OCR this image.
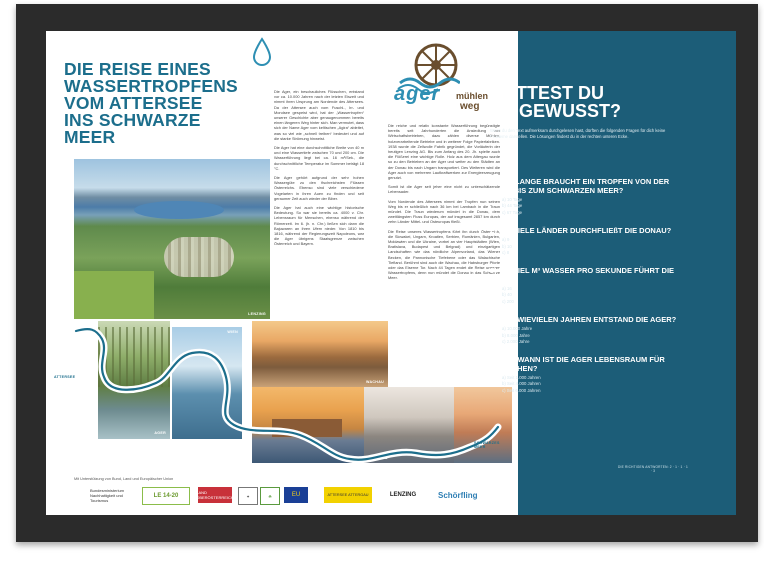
DIE REISE EINES
WASSERTROPFENS
VOM ATTERSEE
INS SCHWARZE MEER
ager mühlen
weg

Die Ager, ein beschauliches Flüsschen, entstand vor ca. 10.000 Jahren nach der letzten Eiszeit und nimmt ihren Ursprung am Nordende des Attersees. Da der Attersee auch vom Fuschl-, Irr- und Mondsee gespeist wird, hat der „Wassertropfen“ unserer Geschichte aber genaugenommen bereits einen längeren Weg hinter sich. Man vermutet, dass sich der Name Ager vom keltischen „Agira“ ableitet, was so viel wie „schnell treiben“ bedeutet und auf die starke Strömung hinweist.

Die Ager hat eine durchschnittliche Breite von 40 m und eine Wassertiefe zwischen 70 und 200 cm. Die Wasserführung liegt bei ca. 16 m³/Sek., die durchschnittliche Temperatur im Sommer beträgt 18 °C.

Die Ager gehört aufgrund der sehr hohen Wassergüte zu den fischreichsten Flüssen Österreichs. Ebenso sind viele verschiedene Vogelarten in ihren Auen zu finden und seit geraumer Zeit auch wieder der Biber.

Die Ager hat auch eine wichtige historische Bedeutung. So war sie bereits ca. 4000 v. Chr. Lebensraum für Menschen, ebenso während der Römerzeit. Im 6. (h. n. Chr.) ließen sich dann die Bajuwaren an ihren Ufern nieder. Von 1810 bis 1816, während der Regierungszeit Napoleons, war die Ager übrigens Staatsgrenze zwischen Österreich und Bayern.

Die reiche und relativ konstante Wasserführung begünstigte bereits seit Jahrhunderten die Ansiedlung von Wirtschaftsbetrieben, dazu zählen diverse Mühlen, holzverarbeitende Betriebe und in weiterer Folge Papierfabriken. 1938 wurde die Zellwolle Fabrik gegründet, die Vorläuferin der heutigen Lenzing AG. Bis zum Anfang des 20. Jh. spielte auch die Flößerei eine wichtige Rolle. Holz aus dem Attergau wurde so zu den Betrieben an der Ager und weiter zu den Städten an der Donau bis nach Ungarn transportiert. Des Weiteren wird die Ager auch von mehreren Laufkraftwerken zur Energieerzeugung genutzt.

Somit ist die Ager seit jeher eine nicht zu unterschätzende Lebensader.

Vom Nordende des Attersees nimmt der Tropfen nun seinen Weg bis er schließlich nach 36 km bei Lambach in die Traun mündet. Die Traun wiederum mündet in die Donau, dem zweitlängsten Fluss Europas, der auf insgesamt 2857 km durch zehn Länder Mittel- und Osteuropas fließt.

Die Reise unseres Wassertropfens führt ihn durch Österreich, die Slowakei, Ungarn, Kroatien, Serbien, Rumänien, Bulgarien, Moldawien und die Ukraine, vorbei an vier Hauptstädten (Wien, Bratislava, Budapest und Belgrad) und einzigartigen Landschaften wie das nördliche Alpenvorland, das Wiener Becken, die Pannonische Tiefebene oder das Walachische Tiefland. Berühmt sind auch die Wachau, die Habsburger Pforte oder das Eiserne Tor. Nach 44 Tagen endet die Reise unseres Wassertropfens, denn nun mündet die Donau in das Schwarze Meer.

LENZING
AGER
WIEN
WACHAU
BUDAPEST BELGRAD
ATTERSEE
SCHWARZES MEER
Mit Unterstützung von Bund, Land und Europäischer Union
Bundesministerium Nachhaltigkeit und Tourismus
LE 14-20
LAND OBERÖSTERREICH	✦	☘	EU	ATTERSEE ATTERGAU	LENZING	Schörfling
? ? ?
HÄTTEST DU
ES GEWUSST?
Wenn du den Text aufmerksam durchgelesen hast, dürften die folgenden Fragen für dich keine Probleme darstellen. Die Lösungen findest du in der rechten unteren Ecke.
1) WIE LANGE BRAUCHT EIN TROPFEN VON DER AGER BIS ZUM SCHWARZEN MEER?
a) 10 Tage
b) 44 Tage
c) 67 Tage
2) WIEVIELE LÄNDER DURCHFLIEßT DIE DONAU?
a) 9
b) 10
c) 8
3) WIEVIEL M³ WASSER PRO SEKUNDE FÜHRT DIE AGER?
a) 16
b) 40
c) 200
4) VOR WIEVIELEN JAHREN ENTSTAND DIE AGER?
a) 10.000 Jahre
b) 8.000 Jahre
c) 2.000 Jahre
5) SEIT WANN IST DIE AGER LEBENSRAUM FÜR MENSCHEN?
a) Seit 1.000 Jahren
b) Seit 4.000 Jahren
c) Seit 6.000 Jahren
DIE RICHTIGEN ANTWORTEN: 2 · 1 · 1 · 1 · 3
